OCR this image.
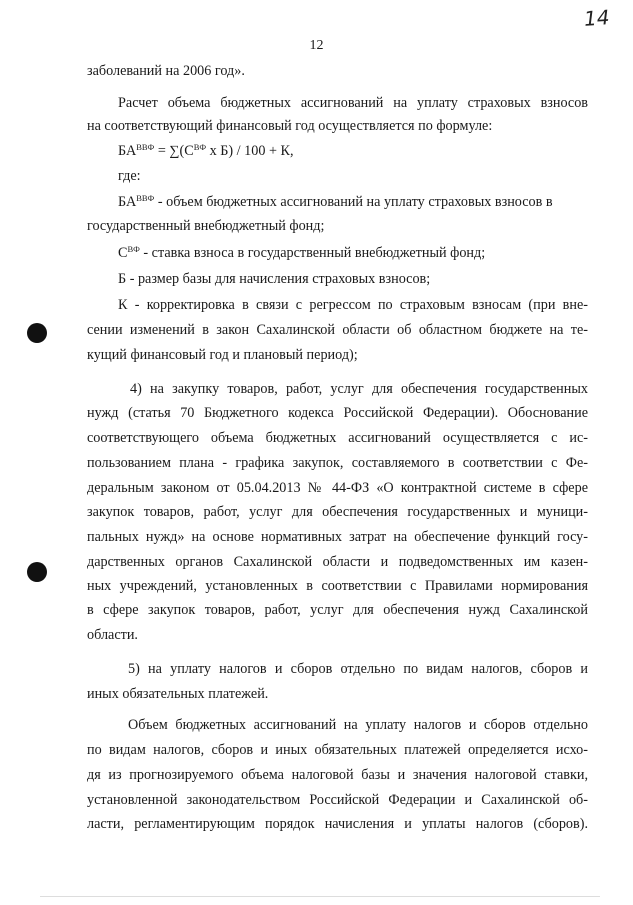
14
12
заболеваний на 2006 год».
Расчет объема бюджетных ассигнований на уплату страховых взносов
на соответствующий финансовый год осуществляется по формуле:
$БА^{ВВФ} = \sum(С^{ВФ}$ х Б) / 100 + К,
где:
$БА^{ВВФ}$ - объем бюджетных ассигнований на уплату страховых взносов в
государственный внебюджетный фонд;
$С^{ВФ}$ - ставка взноса в государственный внебюджетный фонд;
Б - размер базы для начисления страховых взносов;
К - корректировка в связи с регрессом по страховым взносам (при вне-
сении изменений в закон Сахалинской области об областном бюджете на те-
кущий финансовый год и плановый период);
4) на закупку товаров, работ, услуг для обеспечения государственных
нужд (статья 70 Бюджетного кодекса Российской Федерации). Обоснование
соответствующего объема бюджетных ассигнований осуществляется с ис-
пользованием плана - графика закупок, составляемого в соответствии с Фе-
деральным законом от 05.04.2013 № 44-ФЗ «О контрактной системе в сфере
закупок товаров, работ, услуг для обеспечения государственных и муници-
пальных нужд» на основе нормативных затрат на обеспечение функций госу-
дарственных органов Сахалинской области и подведомственных им казен-
ных учреждений, установленных в соответствии с Правилами нормирования
в сфере закупок товаров, работ, услуг для обеспечения нужд Сахалинской
области.
5) на уплату налогов и сборов отдельно по видам налогов, сборов и
иных обязательных платежей.
Объем бюджетных ассигнований на уплату налогов и сборов отдельно
по видам налогов, сборов и иных обязательных платежей определяется исхо-
дя из прогнозируемого объема налоговой базы и значения налоговой ставки,
установленной законодательством Российской Федерации и Сахалинской об-
ласти, регламентирующим порядок начисления и уплаты налогов (сборов).
